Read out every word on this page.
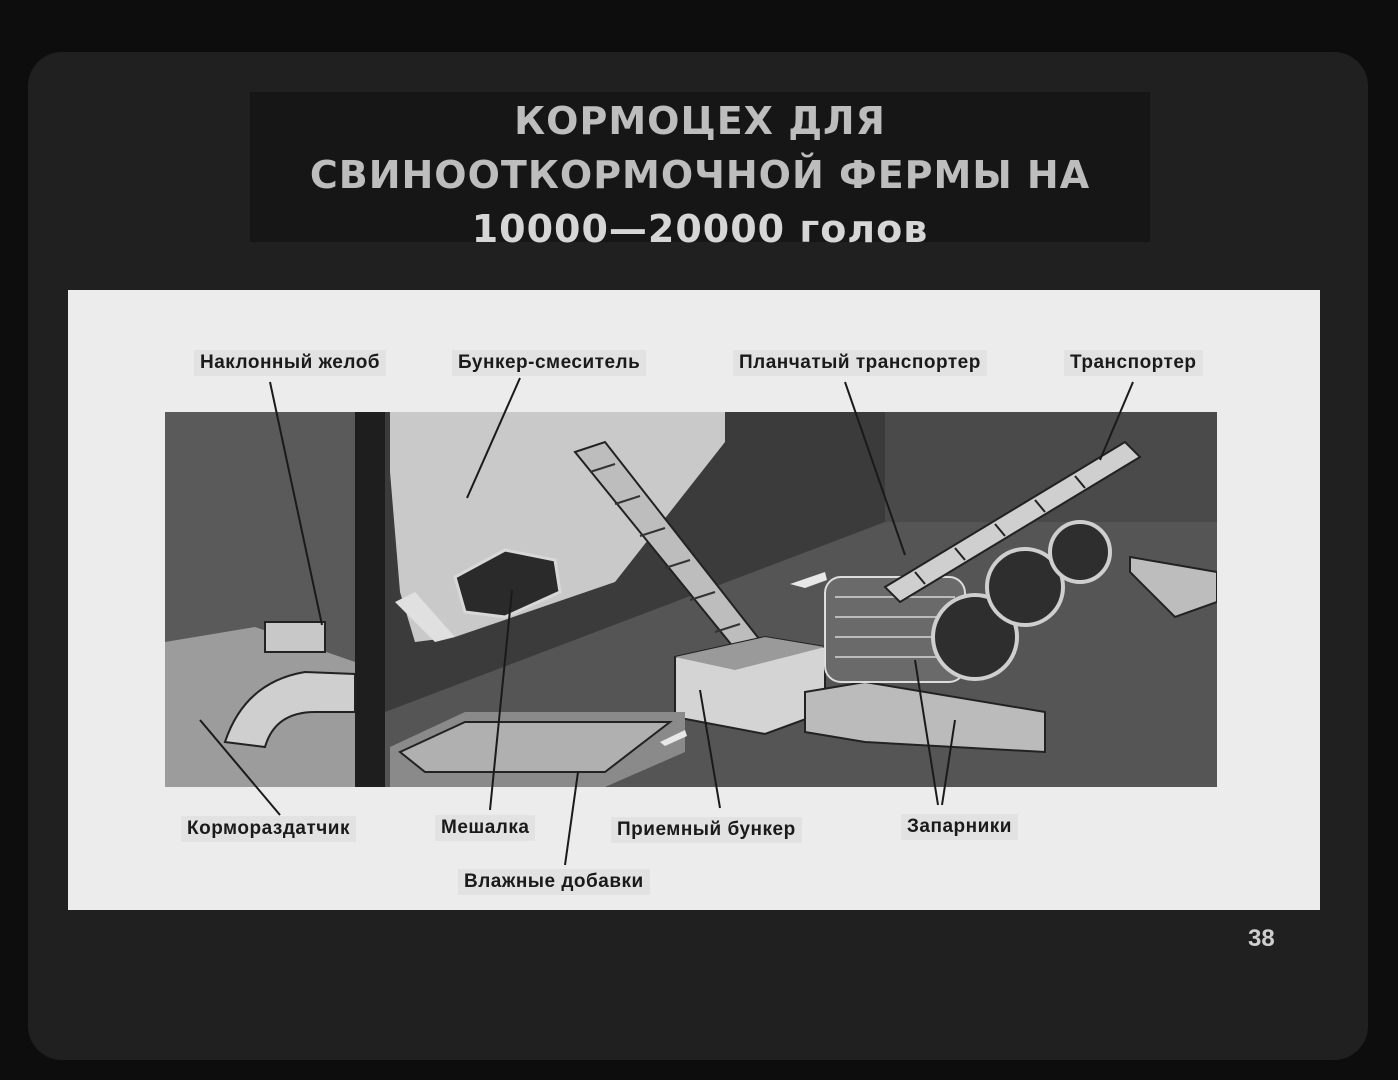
КОРМОЦЕХ ДЛЯ
СВИНООТКОРМОЧНОЙ ФЕРМЫ НА
10000—20000 голов
Наклонный желоб	Бункер-смеситель	Планчатый транспортер	Транспортер
Кормораздатчик	Мешалка	Приемный бункер	Запарники
Влажные добавки
38
